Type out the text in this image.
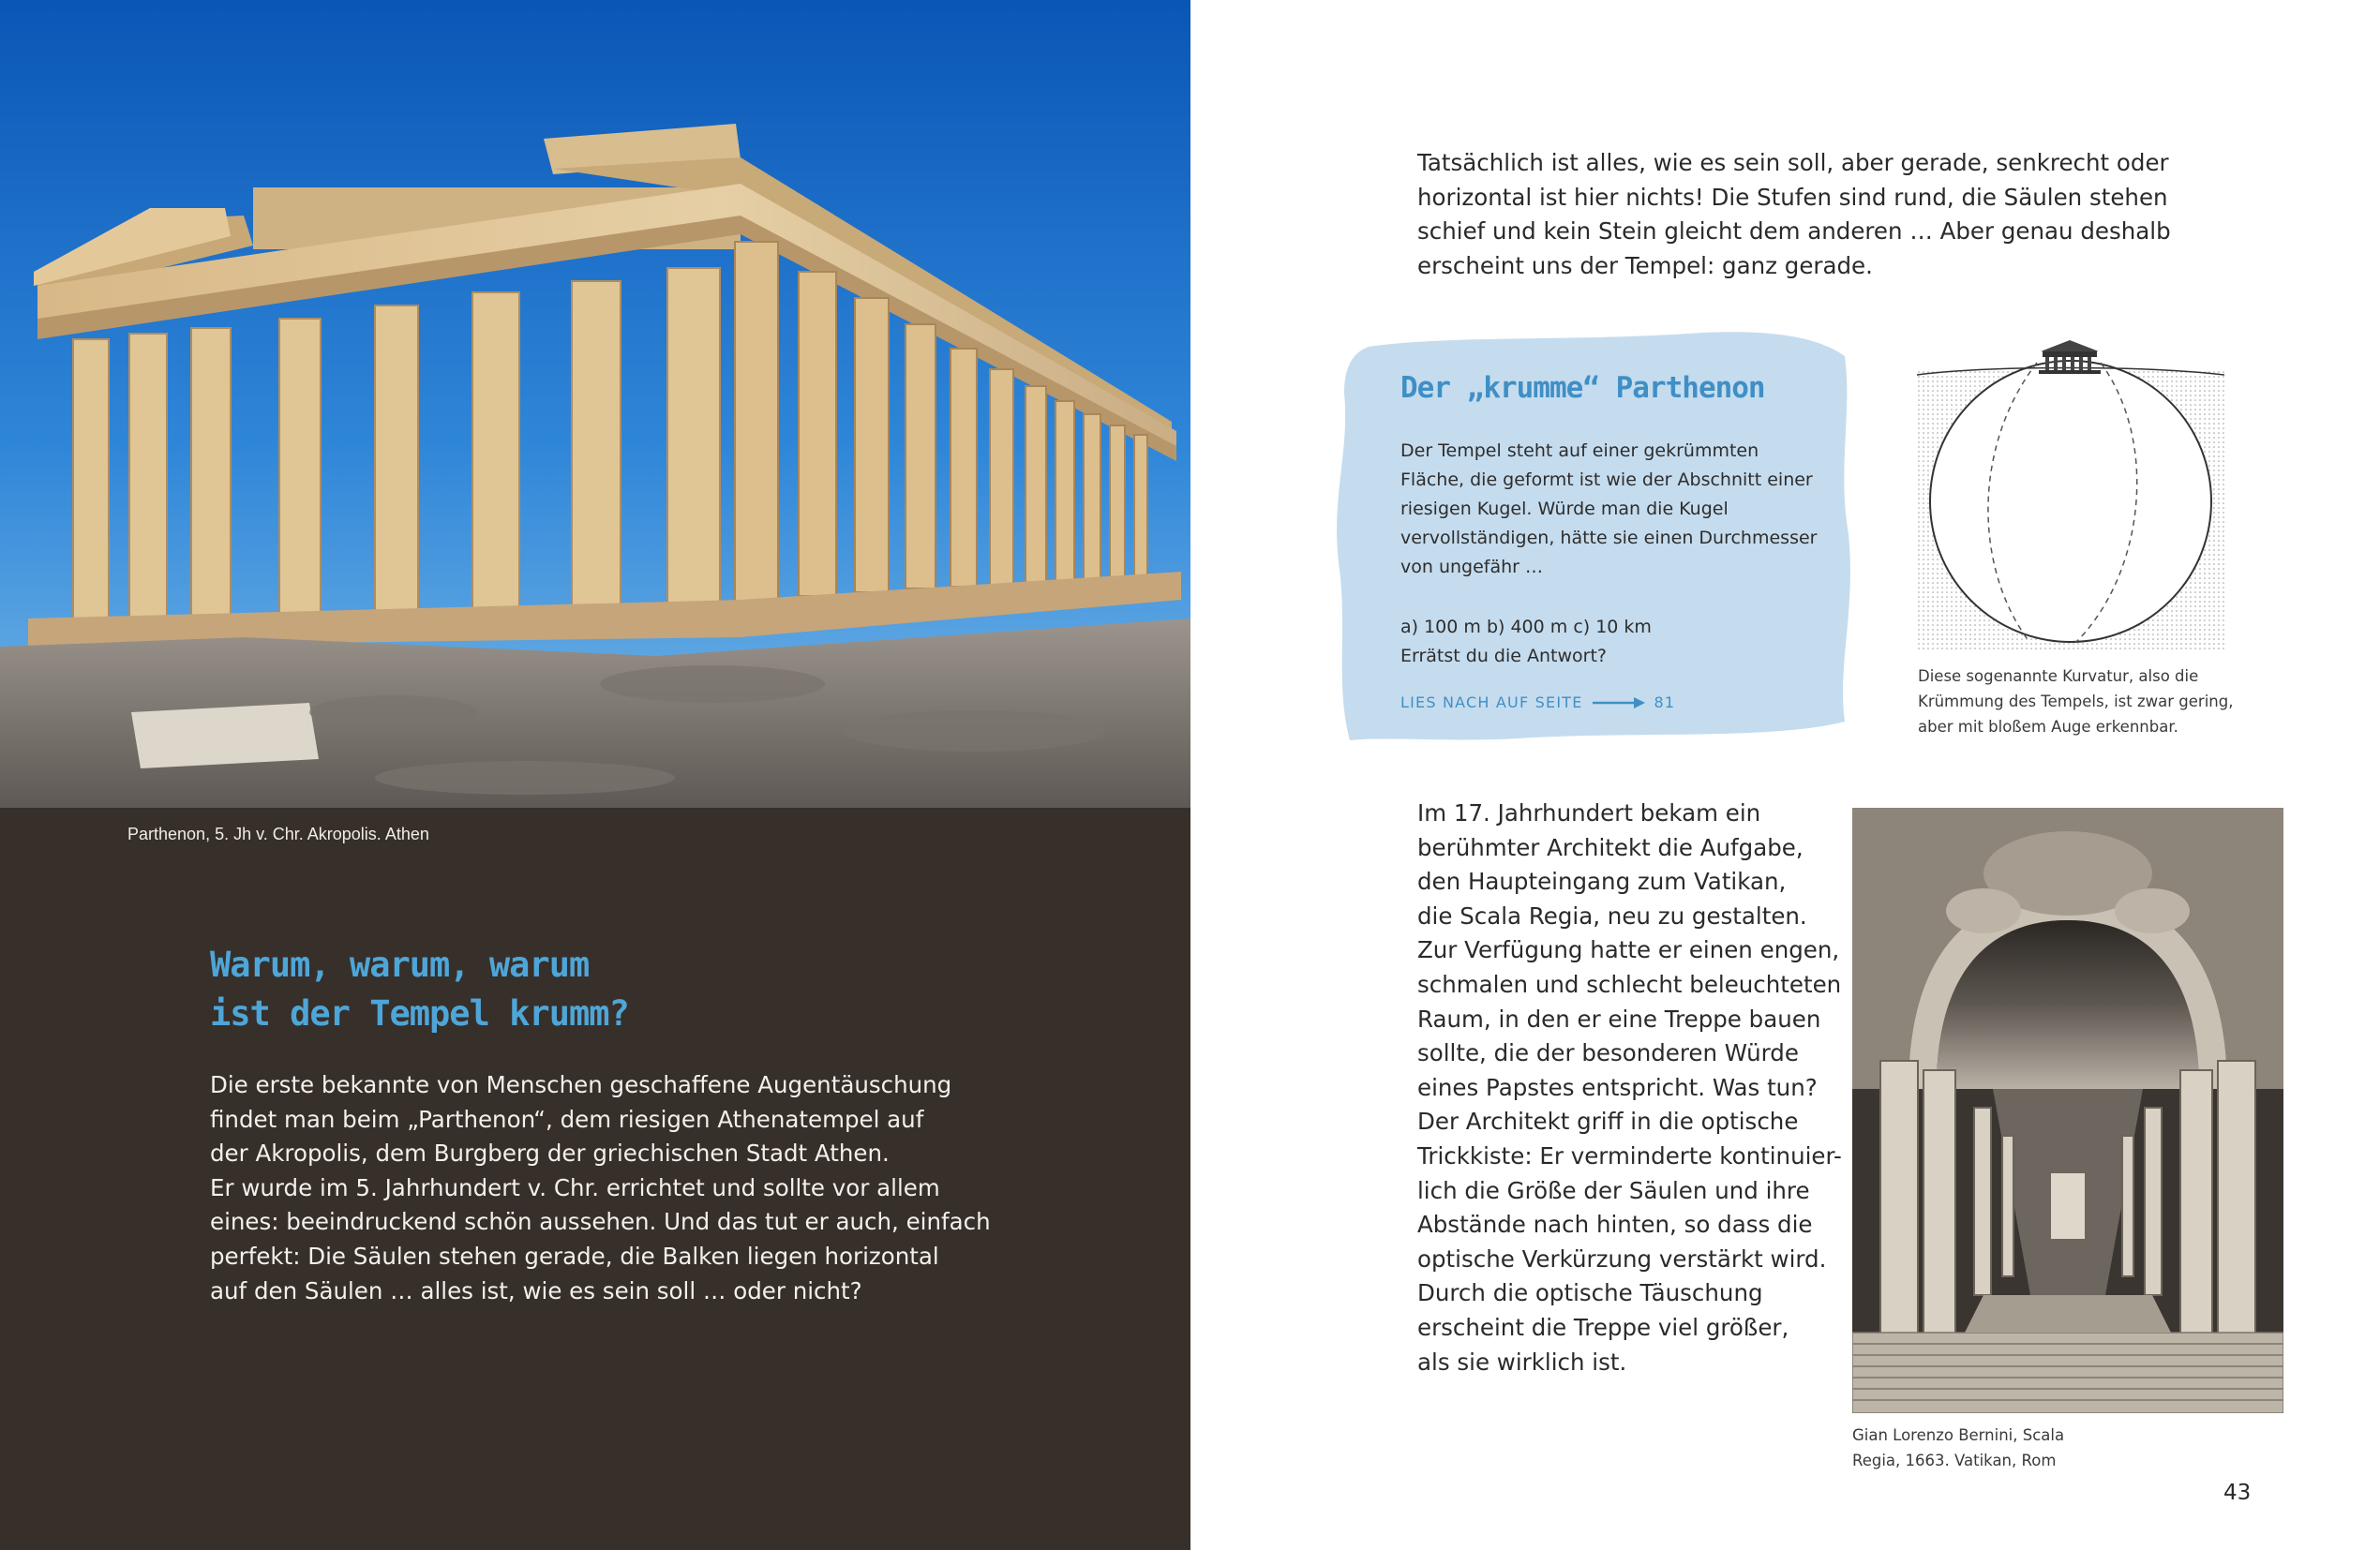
Parthenon, 5. Jh v. Chr. Akropolis. Athen
Warum, warum, warum
ist der Tempel krumm?

Die erste bekannte von Menschen geschaffene Augentäuschung
findet man beim „Parthenon“, dem riesigen Athenatempel auf
der Akropolis, dem Burgberg der griechischen Stadt Athen.
Er wurde im 5. Jahrhundert v. Chr. errichtet und sollte vor allem
eines: beeindruckend schön aussehen. Und das tut er auch, einfach
perfekt: Die Säulen stehen gerade, die Balken liegen horizontal
auf den Säulen … alles ist, wie es sein soll … oder nicht?

Tatsächlich ist alles, wie es sein soll, aber gerade, senkrecht oder
horizontal ist hier nichts! Die Stufen sind rund, die Säulen stehen
schief und kein Stein gleicht dem anderen … Aber genau deshalb
erscheint uns der Tempel: ganz gerade.

Der „krumme“ Parthenon

Der Tempel steht auf einer gekrümmten
Fläche, die geformt ist wie der Abschnitt einer
riesigen Kugel. Würde man die Kugel
vervollständigen, hätte sie einen Durchmesser
von ungefähr …

a) 100 m b) 400 m c) 10 km
Errätst du die Antwort?

LIES NACH AUF SEITE	81

Diese sogenannte Kurvatur, also die
Krümmung des Tempels, ist zwar gering,
aber mit bloßem Auge erkennbar.

Im 17. Jahrhundert bekam ein
berühmter Architekt die Aufgabe,
den Haupteingang zum Vatikan,
die Scala Regia, neu zu gestalten.
Zur Verfügung hatte er einen engen,
schmalen und schlecht beleuchteten
Raum, in den er eine Treppe bauen
sollte, die der besonderen Würde
eines Papstes entspricht. Was tun?
Der Architekt griff in die optische
Trickkiste: Er verminderte kontinuier-
lich die Größe der Säulen und ihre
Abstände nach hinten, so dass die
optische Verkürzung verstärkt wird.
Durch die optische Täuschung
erscheint die Treppe viel größer,
als sie wirklich ist.

Gian Lorenzo Bernini, Scala
Regia, 1663. Vatikan, Rom

43
